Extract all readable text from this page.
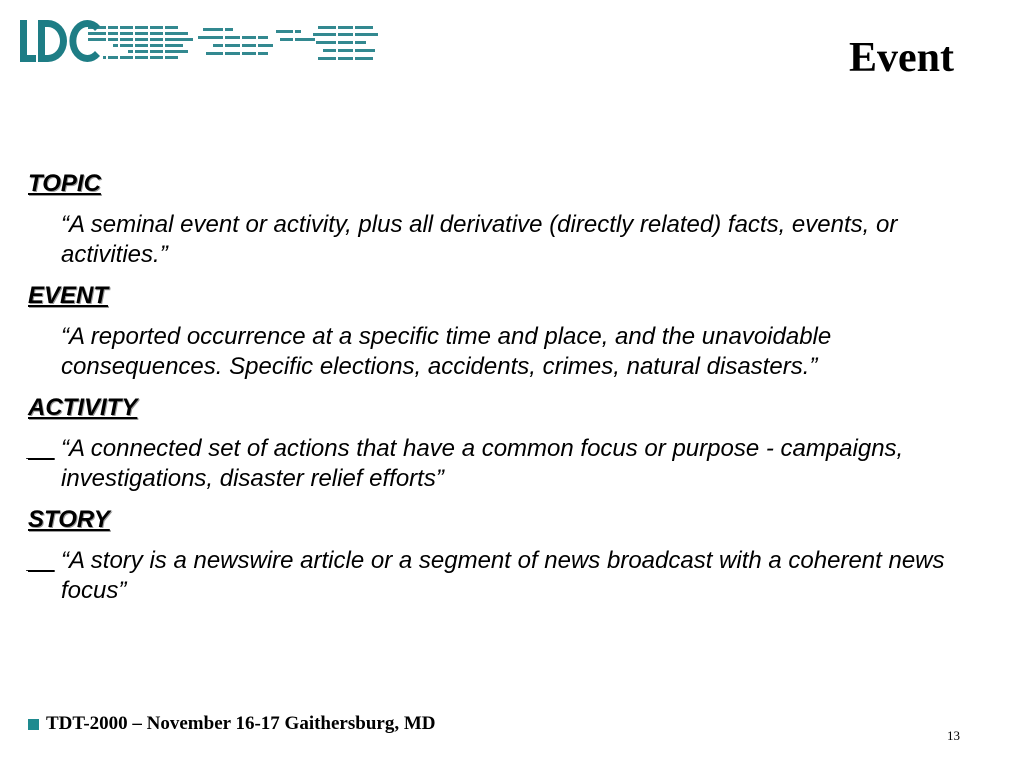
Event

TOPIC

“A seminal event or activity, plus all derivative (directly related) facts, events, or activities.”

EVENT

“A reported occurrence at a specific time and place, and the unavoidable consequences. Specific elections, accidents, crimes, natural disasters.”

ACTIVITY

__ “A connected set of actions that have a common focus or purpose - campaigns, investigations, disaster relief efforts”

STORY

__ “A story is a newswire article or a segment of news broadcast with a coherent news focus”

TDT-2000 – November 16-17 Gaithersburg, MD
13
